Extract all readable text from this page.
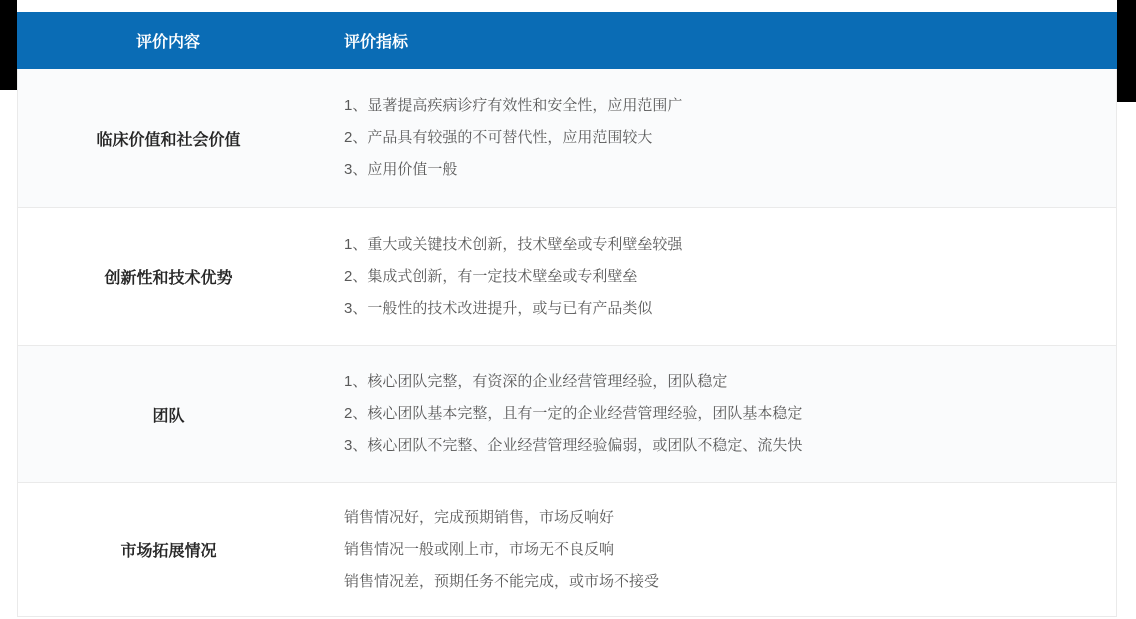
评价内容	评价指标
临床价值和社会价值
1、显著提高疾病诊疗有效性和安全性，应用范围广
2、产品具有较强的不可替代性，应用范围较大
3、应用价值一般
创新性和技术优势
1、重大或关键技术创新，技术壁垒或专利壁垒较强
2、集成式创新，有一定技术壁垒或专利壁垒
3、一般性的技术改进提升，或与已有产品类似
团队
1、核心团队完整，有资深的企业经营管理经验，团队稳定
2、核心团队基本完整，且有一定的企业经营管理经验，团队基本稳定
3、核心团队不完整、企业经营管理经验偏弱，或团队不稳定、流失快
市场拓展情况
销售情况好，完成预期销售，市场反响好
销售情况一般或刚上市，市场无不良反响
销售情况差，预期任务不能完成，或市场不接受
